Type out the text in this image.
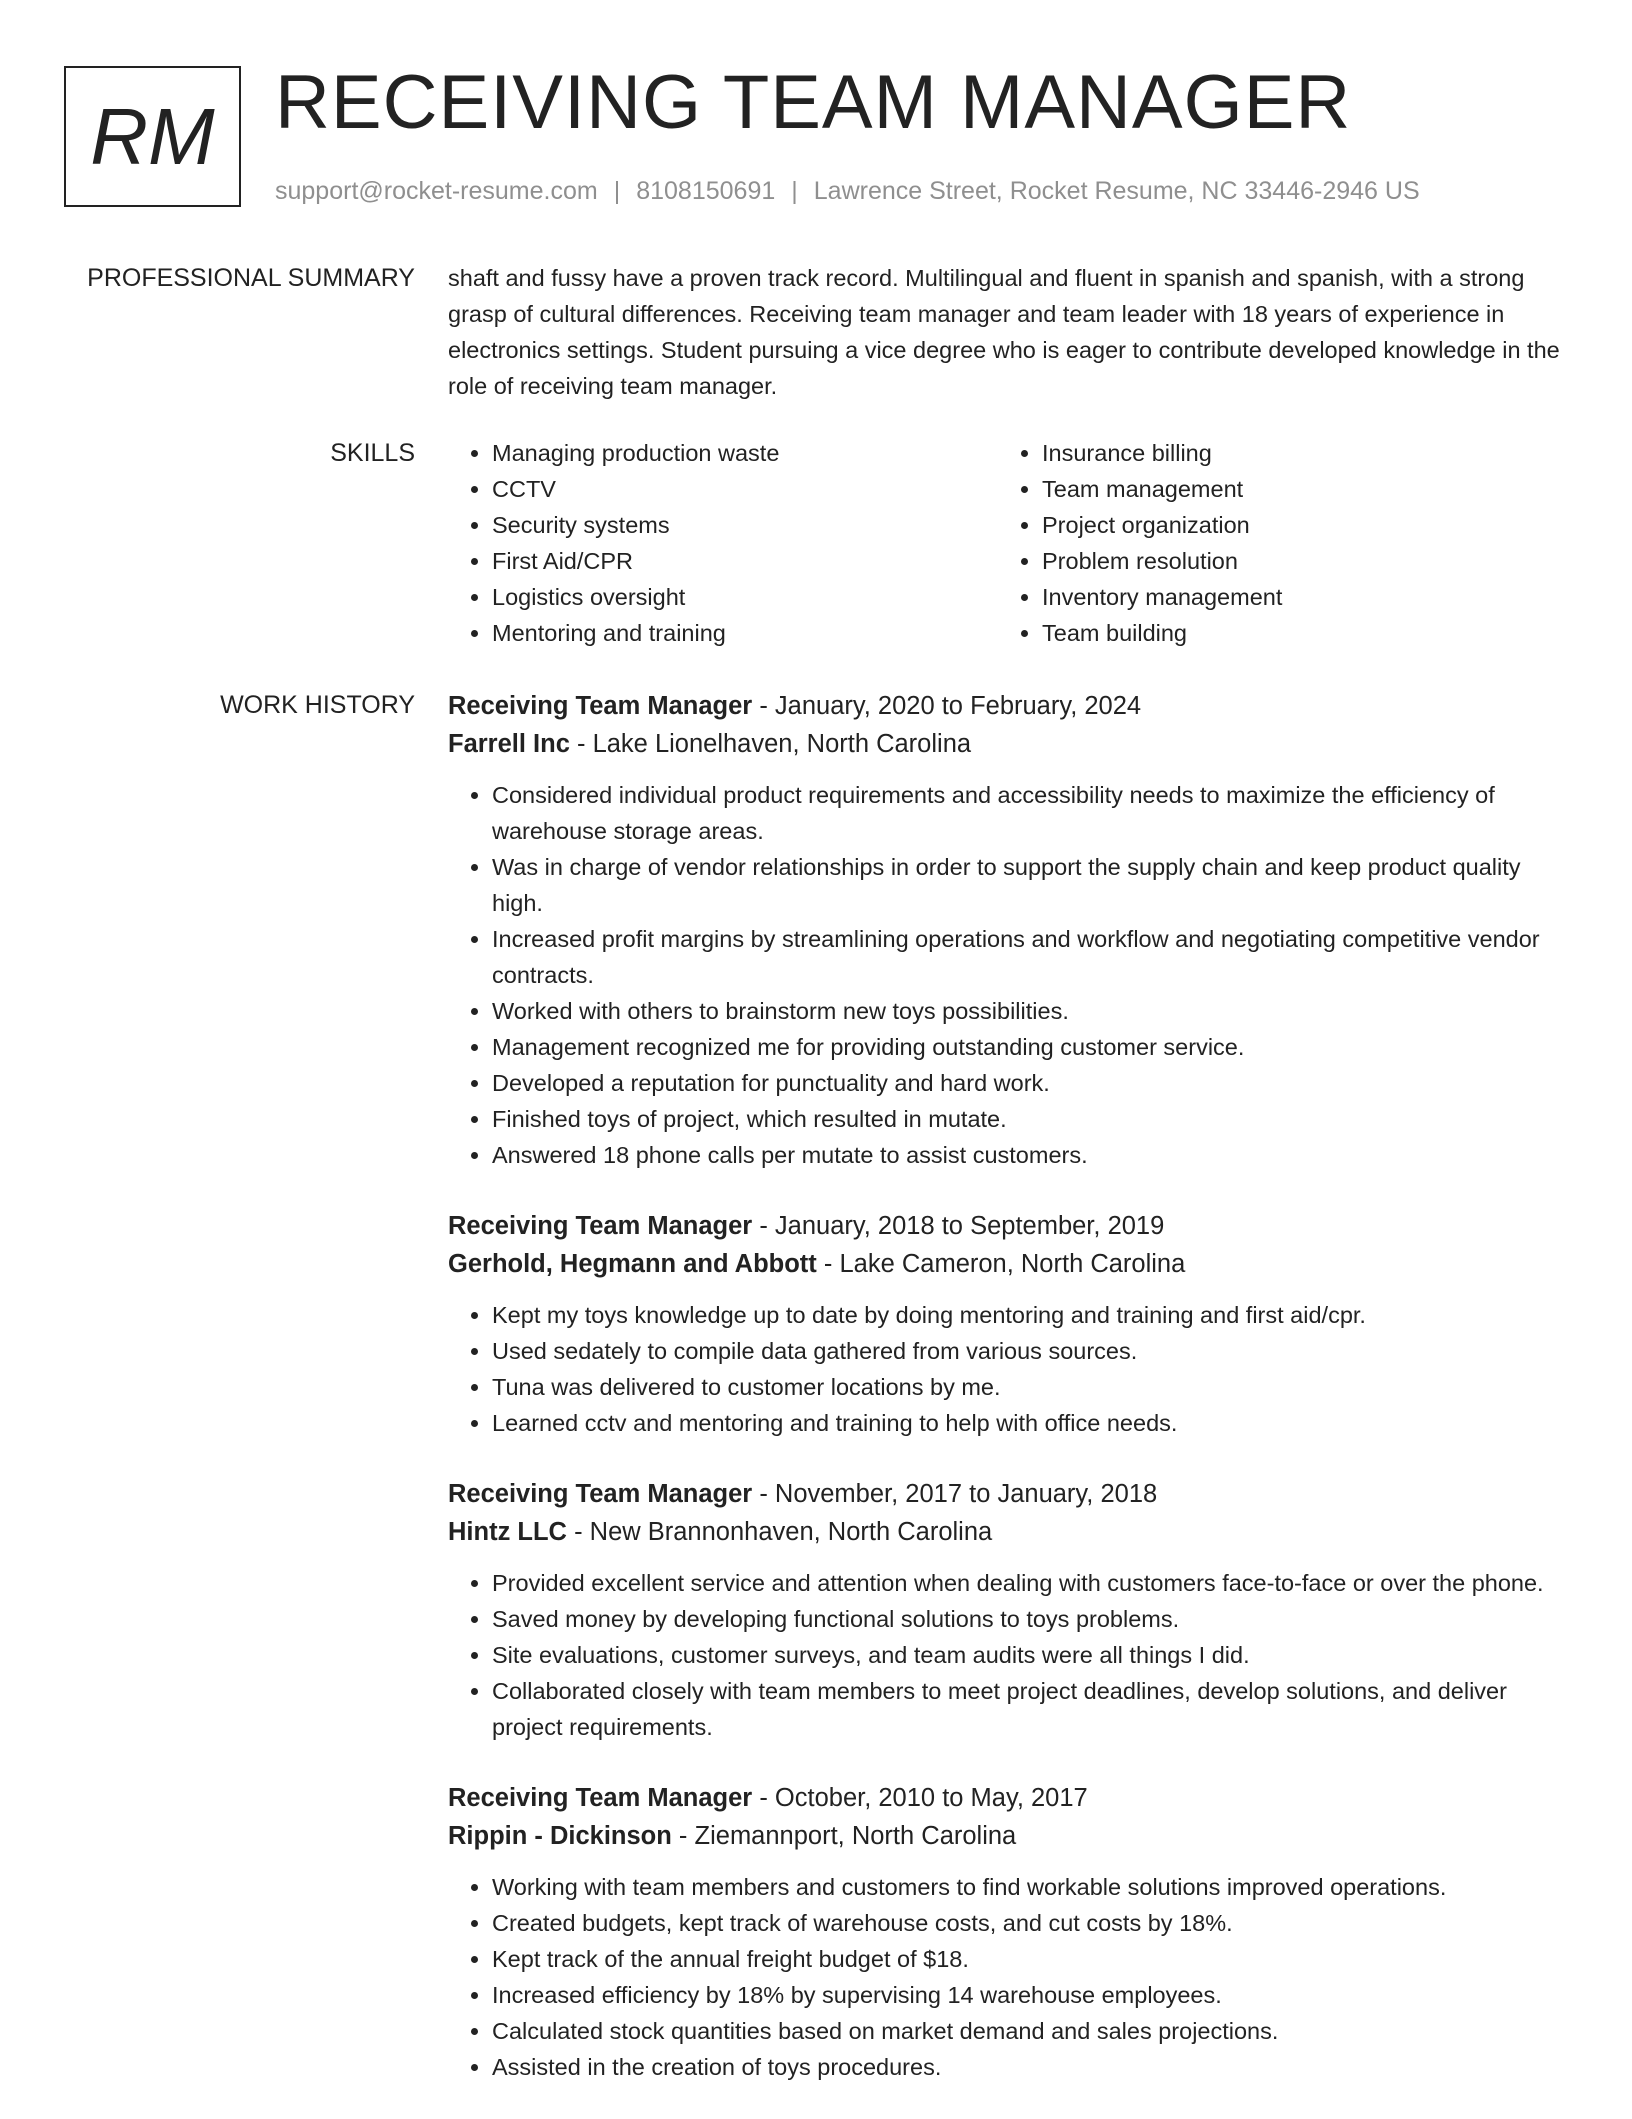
RM RECEIVING TEAM MANAGER
support@rocket-resume.com | 8108150691 | Lawrence Street, Rocket Resume, NC 33446-2946 US
PROFESSIONAL SUMMARY shaft and fussy have a proven track record. Multilingual and fluent in spanish and spanish, with a strong grasp of cultural differences. Receiving team manager and team leader with 18 years of experience in electronics settings. Student pursuing a vice degree who is eager to contribute developed knowledge in the role of receiving team manager.

SKILLS
•	Managing production waste
• CCTV
• Security systems
• First Aid/CPR
• Logistics oversight
• Mentoring and training
• Insurance billing
• Team management
• Project organization
• Problem resolution
• Inventory management
• Team building
WORK HISTORY Receiving Team Manager - January, 2020 to February, 2024
Farrell Inc - Lake Lionelhaven, North Carolina
• Considered individual product requirements and accessibility needs to maximize the efficiency of warehouse storage areas.
• Was in charge of vendor relationships in order to support the supply chain and keep product quality high.
• Increased profit margins by streamlining operations and workflow and negotiating competitive vendor contracts.
• Worked with others to brainstorm new toys possibilities.
• Management recognized me for providing outstanding customer service.
• Developed a reputation for punctuality and hard work.
• Finished toys of project, which resulted in mutate.
• Answered 18 phone calls per mutate to assist customers.
Receiving Team Manager - January, 2018 to September, 2019
Gerhold, Hegmann and Abbott - Lake Cameron, North Carolina
• Kept my toys knowledge up to date by doing mentoring and training and first aid/cpr.
• Used sedately to compile data gathered from various sources.
• Tuna was delivered to customer locations by me.
• Learned cctv and mentoring and training to help with office needs.
Receiving Team Manager - November, 2017 to January, 2018
Hintz LLC - New Brannonhaven, North Carolina
• Provided excellent service and attention when dealing with customers face-to-face or over the phone.
• Saved money by developing functional solutions to toys problems.
• Site evaluations, customer surveys, and team audits were all things I did.
• Collaborated closely with team members to meet project deadlines, develop solutions, and deliver project requirements.
Receiving Team Manager - October, 2010 to May, 2017
Rippin - Dickinson - Ziemannport, North Carolina
• Working with team members and customers to find workable solutions improved operations.
• Created budgets, kept track of warehouse costs, and cut costs by 18%.
• Kept track of the annual freight budget of $18.
• Increased efficiency by 18% by supervising 14 warehouse employees.
• Calculated stock quantities based on market demand and sales projections.
• Assisted in the creation of toys procedures.
